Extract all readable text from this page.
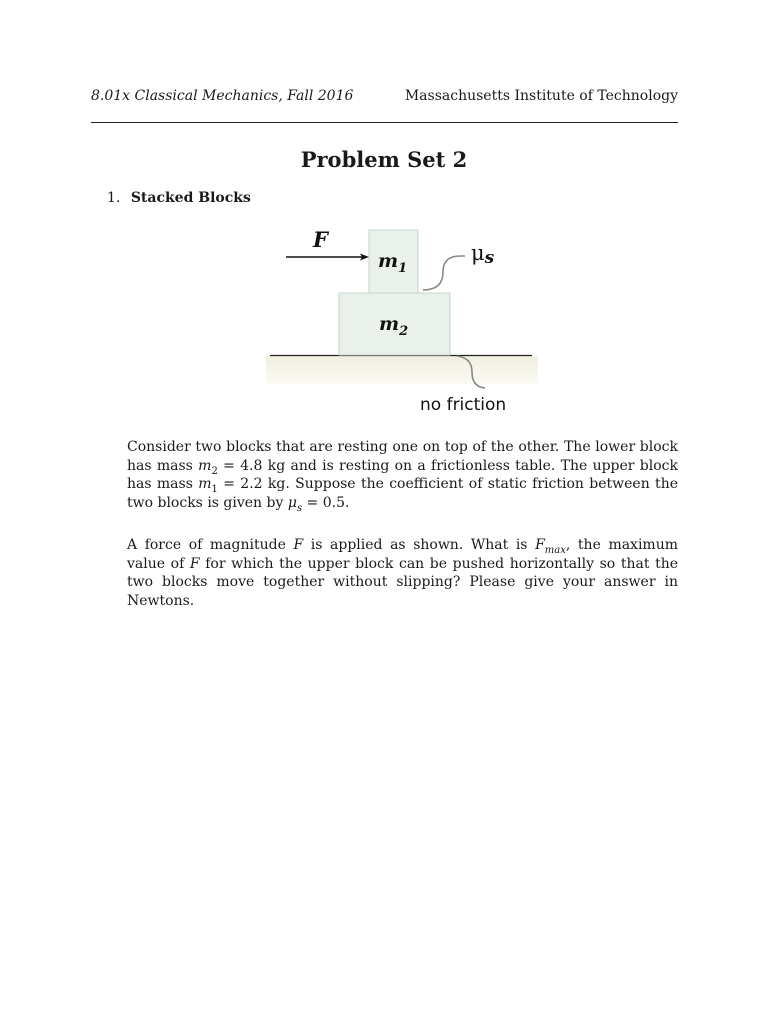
8.01x Classical Mechanics, Fall 2016	Massachusetts Institute of Technology
Problem Set 2
1. Stacked Blocks
F
$m_1$
$m_2$
μs
no friction
Consider two blocks that are resting one on top of the other. The lower block has mass $m_2 = 4.8$ kg and is resting on a frictionless table. The upper block has mass $m_1 = 2.2$ kg. Suppose the coefficient of static friction between the two blocks is given by $\mu_s = 0.5$.
A force of magnitude F is applied as shown. What is $F_{max}$, the maximum value of F for which the upper block can be pushed horizontally so that the two blocks move together without slipping? Please give your answer in Newtons.
